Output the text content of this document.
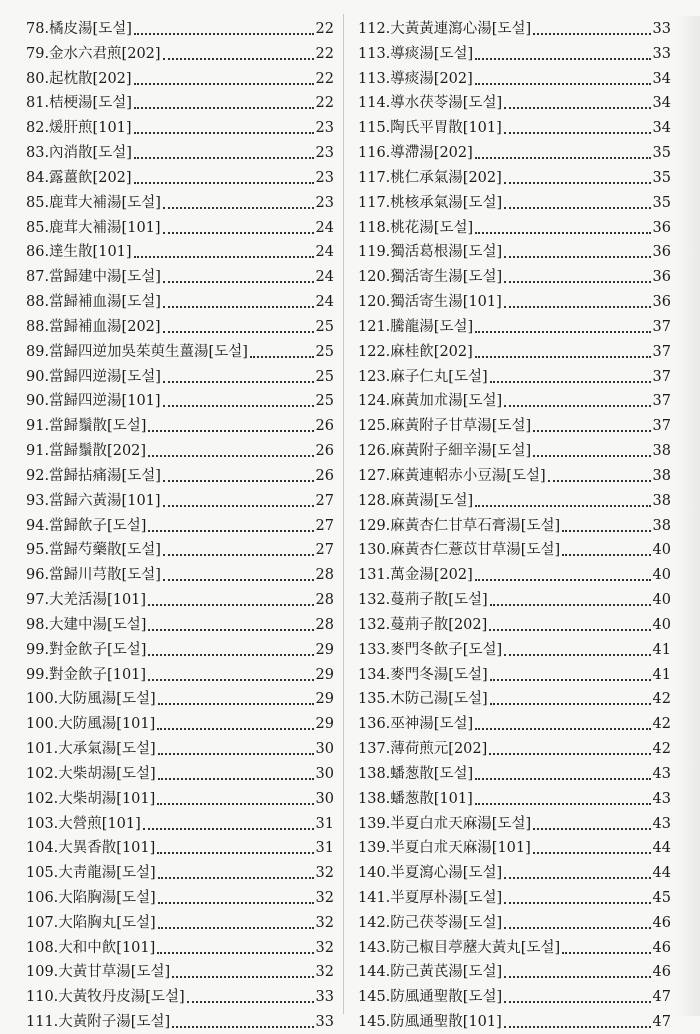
78.橘皮湯[도설]	22
79.金水六君煎[202]	22
80.起枕散[202]	22
81.桔梗湯[도설]	22
82.煖肝煎[101]	23
83.內消散[도설]	23
84.露薑飮[202]	23
85.鹿茸大補湯[도설]	23
85.鹿茸大補湯[101]	24
86.達生散[101]	24
87.當歸建中湯[도설]	24
88.當歸補血湯[도설]	24
88.當歸補血湯[202]	25
89.當歸四逆加吳茱萸生薑湯[도설]	25
90.當歸四逆湯[도설]	25
90.當歸四逆湯[101]	25
91.當歸鬚散[도설]	26
91.當歸鬚散[202]	26
92.當歸拈痛湯[도설]	26
93.當歸六黃湯[101]	27
94.當歸飮子[도설]	27
95.當歸芍藥散[도설]	27
96.當歸川芎散[도설]	28
97.大羌活湯[101]	28
98.大建中湯[도설]	28
99.對金飮子[도설]	29
99.對金飮子[101]	29
100.大防風湯[도설]	29
100.大防風湯[101]	29
101.大承氣湯[도설]	30
102.大柴胡湯[도설]	30
102.大柴胡湯[101]	30
103.大營煎[101]	31
104.大異香散[101]	31
105.大靑龍湯[도설]	32
106.大陷胸湯[도설]	32
107.大陷胸丸[도설]	32
108.大和中飮[101]	32
109.大黃甘草湯[도설]	32
110.大黃牧丹皮湯[도설]	33
111.大黃附子湯[도설]	33
112.大黃黃連瀉心湯[도설]	33
113.導痰湯[도설]	33
113.導痰湯[202]	34
114.導水茯苓湯[도설]	34
115.陶氏平胃散[101]	34
116.導滯湯[202]	35
117.桃仁承氣湯[202]	35
117.桃核承氣湯[도설]	35
118.桃花湯[도설]	36
119.獨活葛根湯[도설]	36
120.獨活寄生湯[도설]	36
120.獨活寄生湯[101]	36
121.騰龍湯[도설]	37
122.麻桂飮[202]	37
123.麻子仁丸[도설]	37
124.麻黃加朮湯[도설]	37
125.麻黃附子甘草湯[도설]	37
126.麻黃附子細辛湯[도설]	38
127.麻黃連軺赤小豆湯[도설]	38
128.麻黃湯[도설]	38
129.麻黃杏仁甘草石膏湯[도설]	38
130.麻黃杏仁薏苡甘草湯[도설]	40
131.萬金湯[202]	40
132.蔓荊子散[도설]	40
132.蔓荊子散[202]	40
133.麥門冬飮子[도설]	41
134.麥門冬湯[도설]	41
135.木防己湯[도설]	42
136.巫神湯[도설]	42
137.薄荷煎元[202]	42
138.蟠葱散[도설]	43
138.蟠葱散[101]	43
139.半夏白朮天麻湯[도설]	43
139.半夏白朮天麻湯[101]	44
140.半夏瀉心湯[도설]	44
141.半夏厚朴湯[도설]	45
142.防己茯苓湯[도설]	46
143.防己椒目葶藶大黃丸[도설]	46
144.防己黃芪湯[도설]	46
145.防風通聖散[도설]	47
145.防風通聖散[101]	47
